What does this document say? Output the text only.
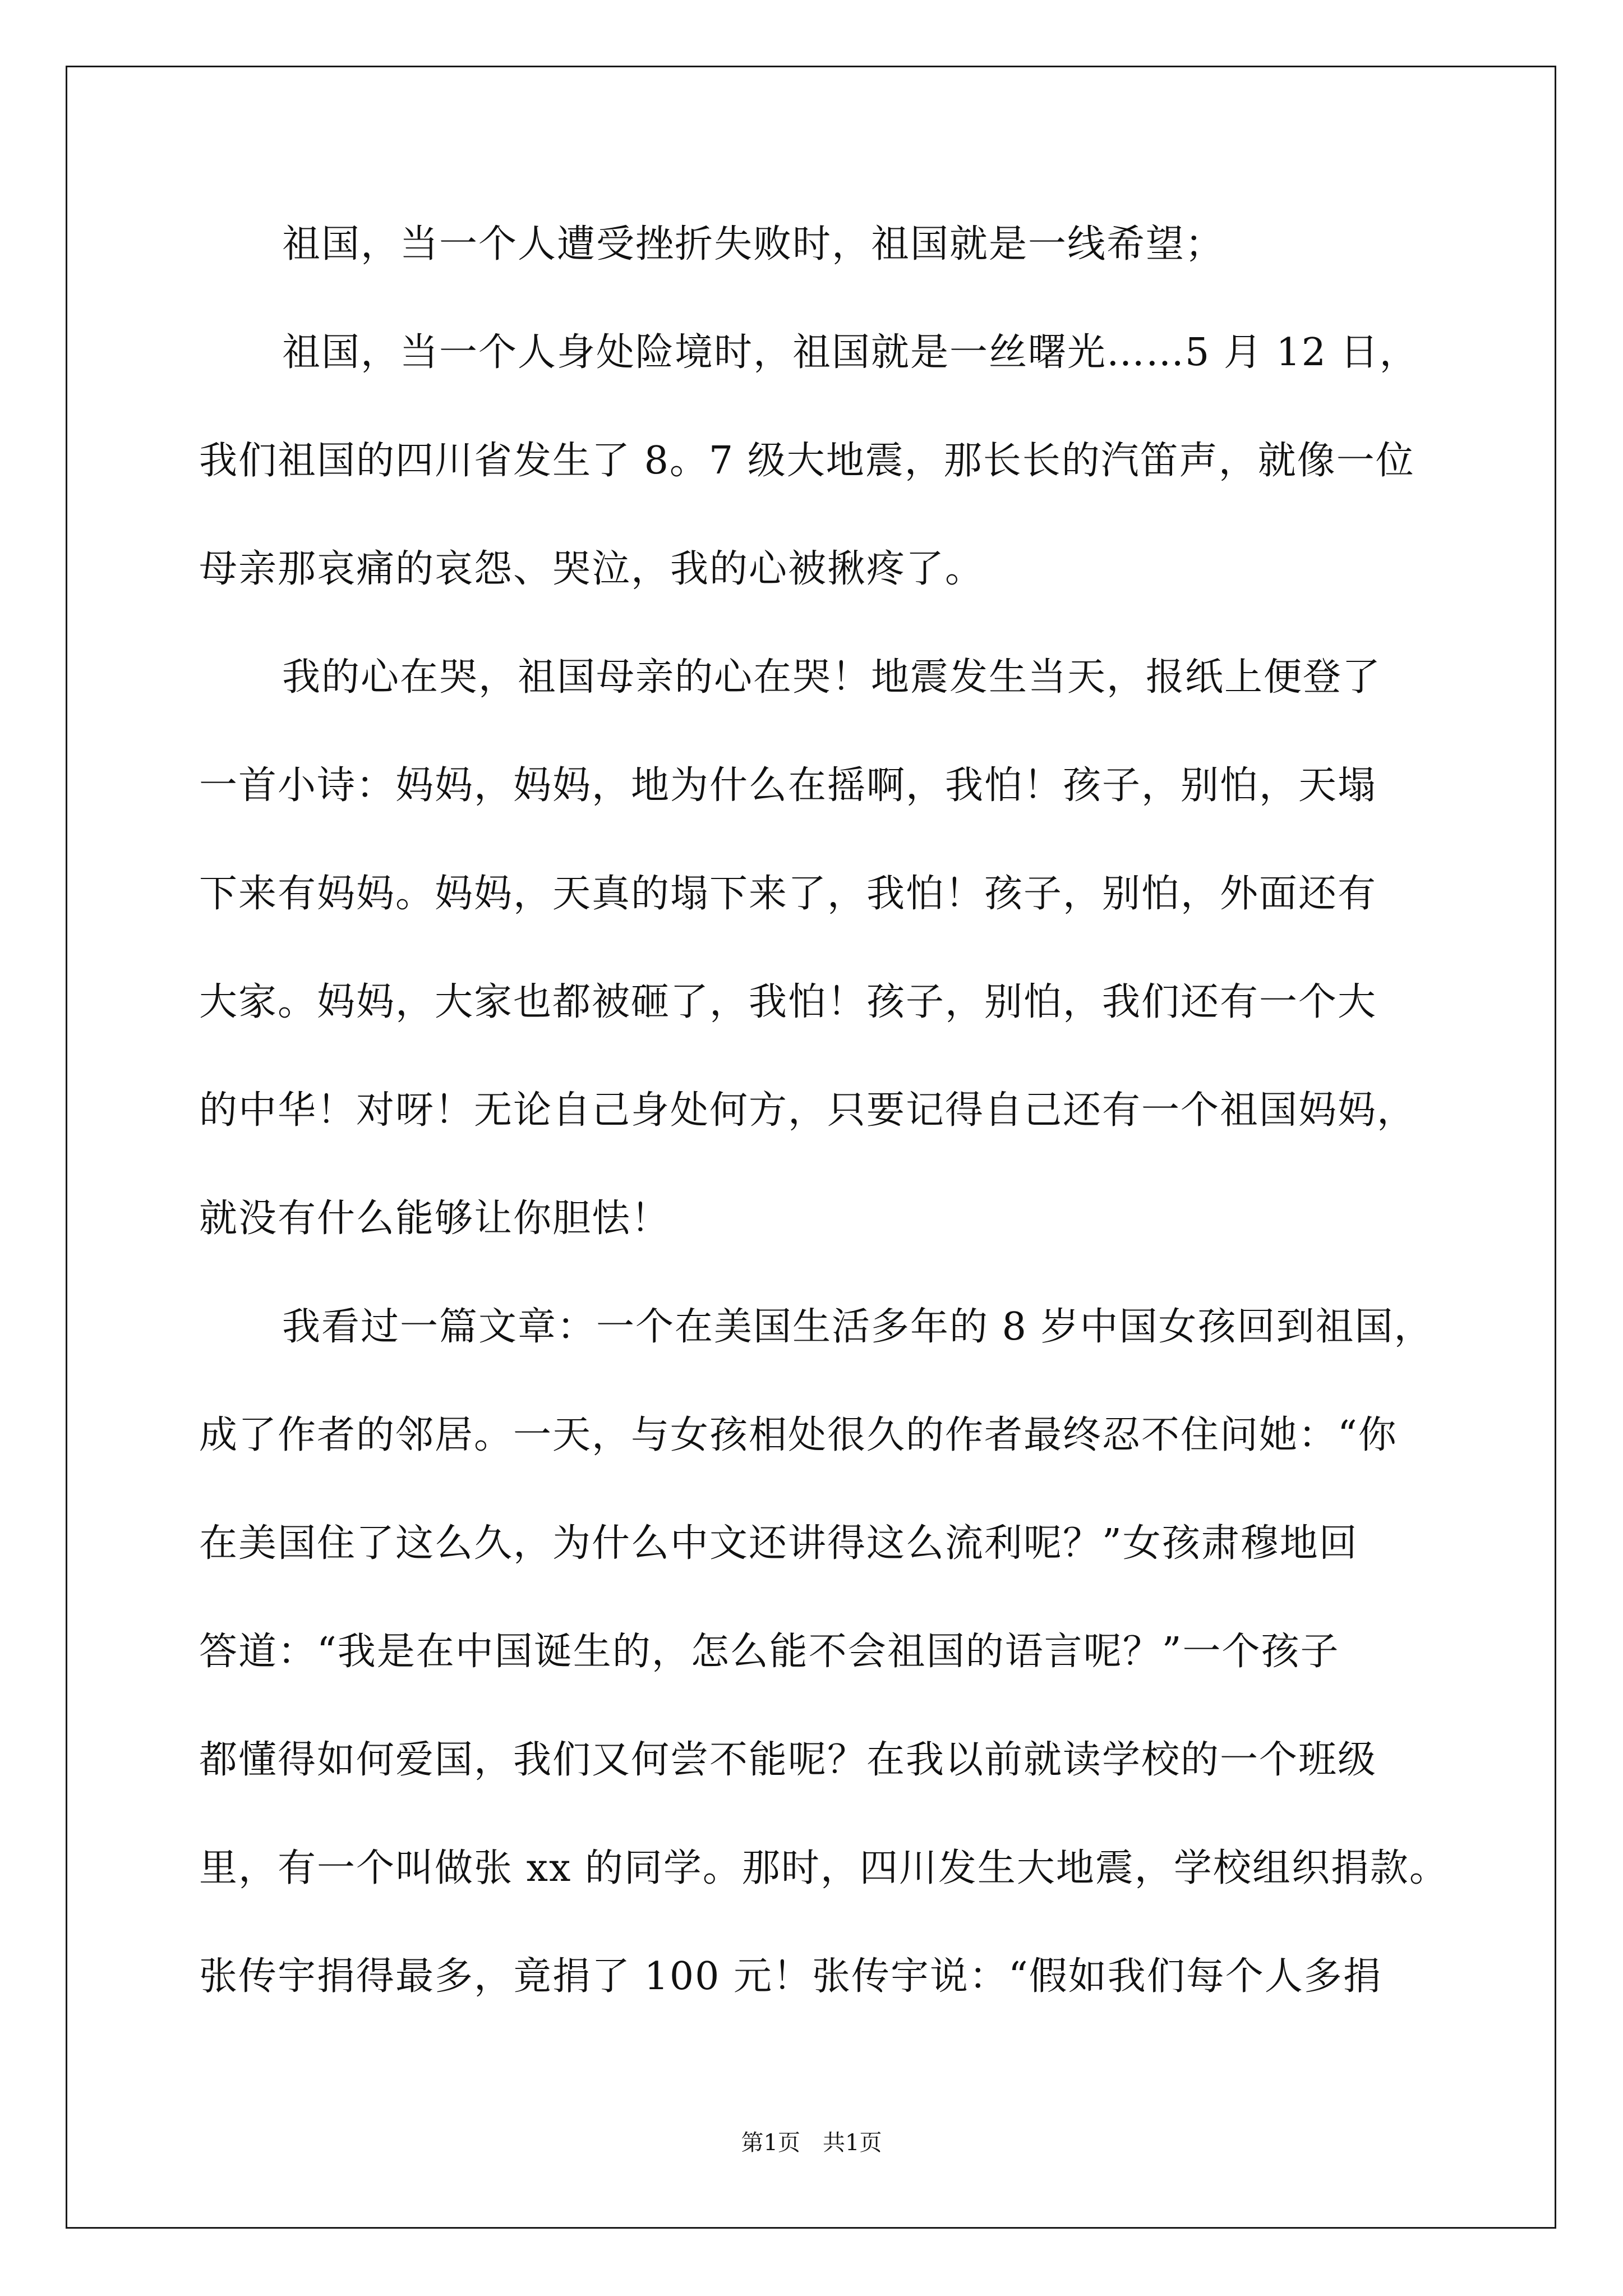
祖国，当一个人遭受挫折失败时，祖国就是一线希望；
祖国，当一个人身处险境时，祖国就是一丝曙光……5 月 12 日，
我们祖国的四川省发生了 8。7 级大地震，那长长的汽笛声，就像一位
母亲那哀痛的哀怨、哭泣，我的心被揪疼了。
我的心在哭，祖国母亲的心在哭！地震发生当天，报纸上便登了
一首小诗：妈妈，妈妈，地为什么在摇啊，我怕！孩子，别怕，天塌
下来有妈妈。妈妈，天真的塌下来了，我怕！孩子，别怕，外面还有
大家。妈妈，大家也都被砸了，我怕！孩子，别怕，我们还有一个大
的中华！对呀！无论自己身处何方，只要记得自己还有一个祖国妈妈，
就没有什么能够让你胆怯！
我看过一篇文章：一个在美国生活多年的 8 岁中国女孩回到祖国，
成了作者的邻居。一天，与女孩相处很久的作者最终忍不住问她：“你
在美国住了这么久，为什么中文还讲得这么流利呢？”女孩肃穆地回
答道：“我是在中国诞生的，怎么能不会祖国的语言呢？”一个孩子
都懂得如何爱国，我们又何尝不能呢？在我以前就读学校的一个班级
里，有一个叫做张 xx 的同学。那时，四川发生大地震，学校组织捐款。
张传宇捐得最多，竟捐了 100 元！张传宇说：“假如我们每个人多捐
第1页　共1页
